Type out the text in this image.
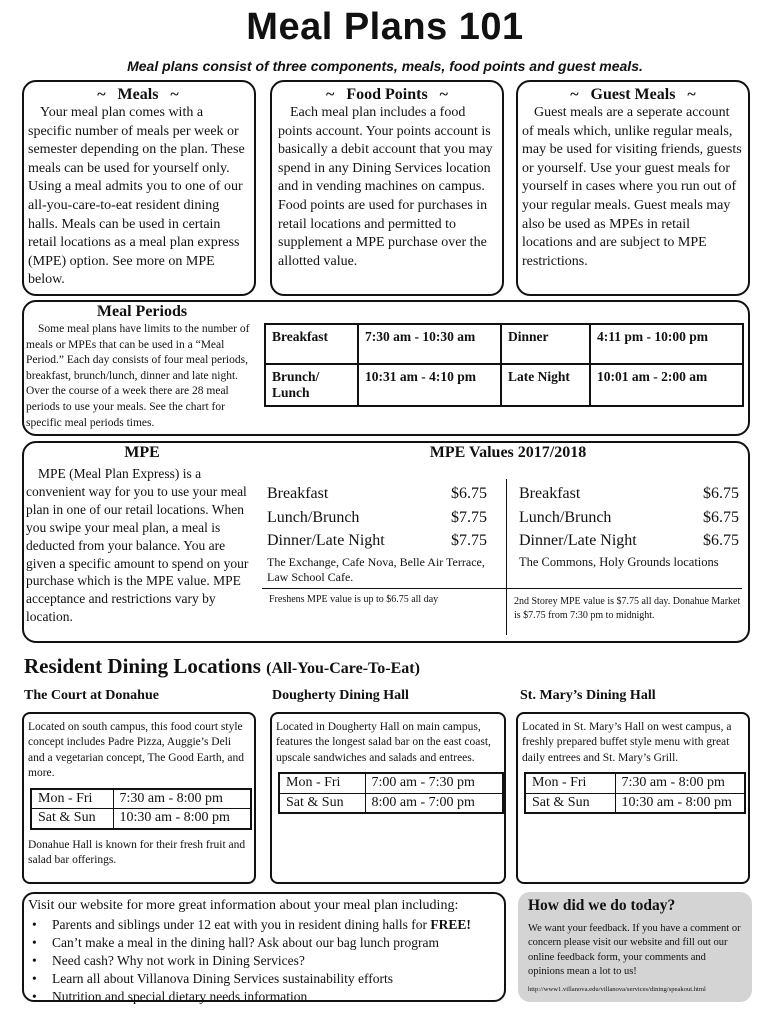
Meal Plans 101
Meal plans consist of three components, meals, food points and guest meals.
~   Meals   ~
Your meal plan comes with a specific number of meals per week or semester depending on the plan. These meals can be used for yourself only. Using a meal admits you to one of our all-you-care-to-eat resident dining halls. Meals can be used in certain retail locations as a meal plan express (MPE) option. See more on MPE below.
~   Food Points   ~
Each meal plan includes a food points account. Your points account is basically a debit account that you may spend in any Dining Services location and in vending machines on campus. Food points are used for purchases in retail locations and permitted to supplement a MPE purchase over the allotted value.
~   Guest Meals   ~
Guest meals are a seperate account of meals which, unlike regular meals, may be used for visiting friends, guests or yourself. Use your guest meals for yourself in cases where you run out of your regular meals. Guest meals may also be used as MPEs in retail locations and are subject to MPE restrictions.
Meal Periods
Some meal plans have limits to the number of meals or MPEs that can be used in a “Meal Period.” Each day consists of four meal periods, breakfast, brunch/lunch, dinner and late night. Over the course of a week there are 28 meal periods to use your meals. See the chart for specific meal periods times.
Breakfast	7:30 am - 10:30 am	Dinner	4:11 pm - 10:00 pm
Brunch/ Lunch	10:31 am - 4:10 pm	Late Night	10:01 am - 2:00 am
MPE
MPE (Meal Plan Express) is a convenient way for you to use your meal plan in one of our retail locations. When you swipe your meal plan, a meal is deducted from your balance. You are given a specific amount to spend on your purchase which is the MPE value. MPE acceptance and restrictions vary by location.
MPE Values 2017/2018
Breakfast	$6.75
Lunch/Brunch	$7.75
Dinner/Late Night	$7.75
The Exchange, Cafe Nova, Belle Air Terrace, Law School Cafe.
Breakfast	$6.75
Lunch/Brunch	$6.75
Dinner/Late Night	$6.75
The Commons, Holy Grounds locations
Freshens MPE value is up to $6.75 all day	2nd Storey MPE value is $7.75 all day. Donahue Market is $7.75 from 7:30 pm to midnight.
Resident Dining Locations (All-You-Care-To-Eat)
The Court at Donahue
Located on south campus, this food court style concept includes Padre Pizza, Auggie’s Deli and a vegetarian concept, The Good Earth, and more.
Mon - Fri	7:30 am - 8:00 pm
Sat & Sun	10:30 am - 8:00 pm
Donahue Hall is known for their fresh fruit and salad bar offerings.
Dougherty Dining Hall
Located in Dougherty Hall on main campus, features the longest salad bar on the east coast, upscale sandwiches and salads and entrees.
Mon - Fri	7:00 am - 7:30 pm
Sat & Sun	8:00 am - 7:00 pm
St. Mary’s Dining Hall
Located in St. Mary’s Hall on west campus, a freshly prepared buffet style menu with great daily entrees and St. Mary’s Grill.
Mon - Fri	7:30 am - 8:00 pm
Sat & Sun	10:30 am - 8:00 pm
Visit our website for more great information about your meal plan including:
• Parents and siblings under 12 eat with you in resident dining halls for FREE!
• Can’t make a meal in the dining hall? Ask about our bag lunch program
• Need cash? Why not work in Dining Services?
• Learn all about Villanova Dining Services sustainability efforts
• Nutrition and special dietary needs information
How did we do today?
We want your feedback. If you have a comment or concern please visit our website and fill out our online feedback form, your comments and opinions mean a lot to us!
http://www1.villanova.edu/villanova/services/dining/speakout.html
